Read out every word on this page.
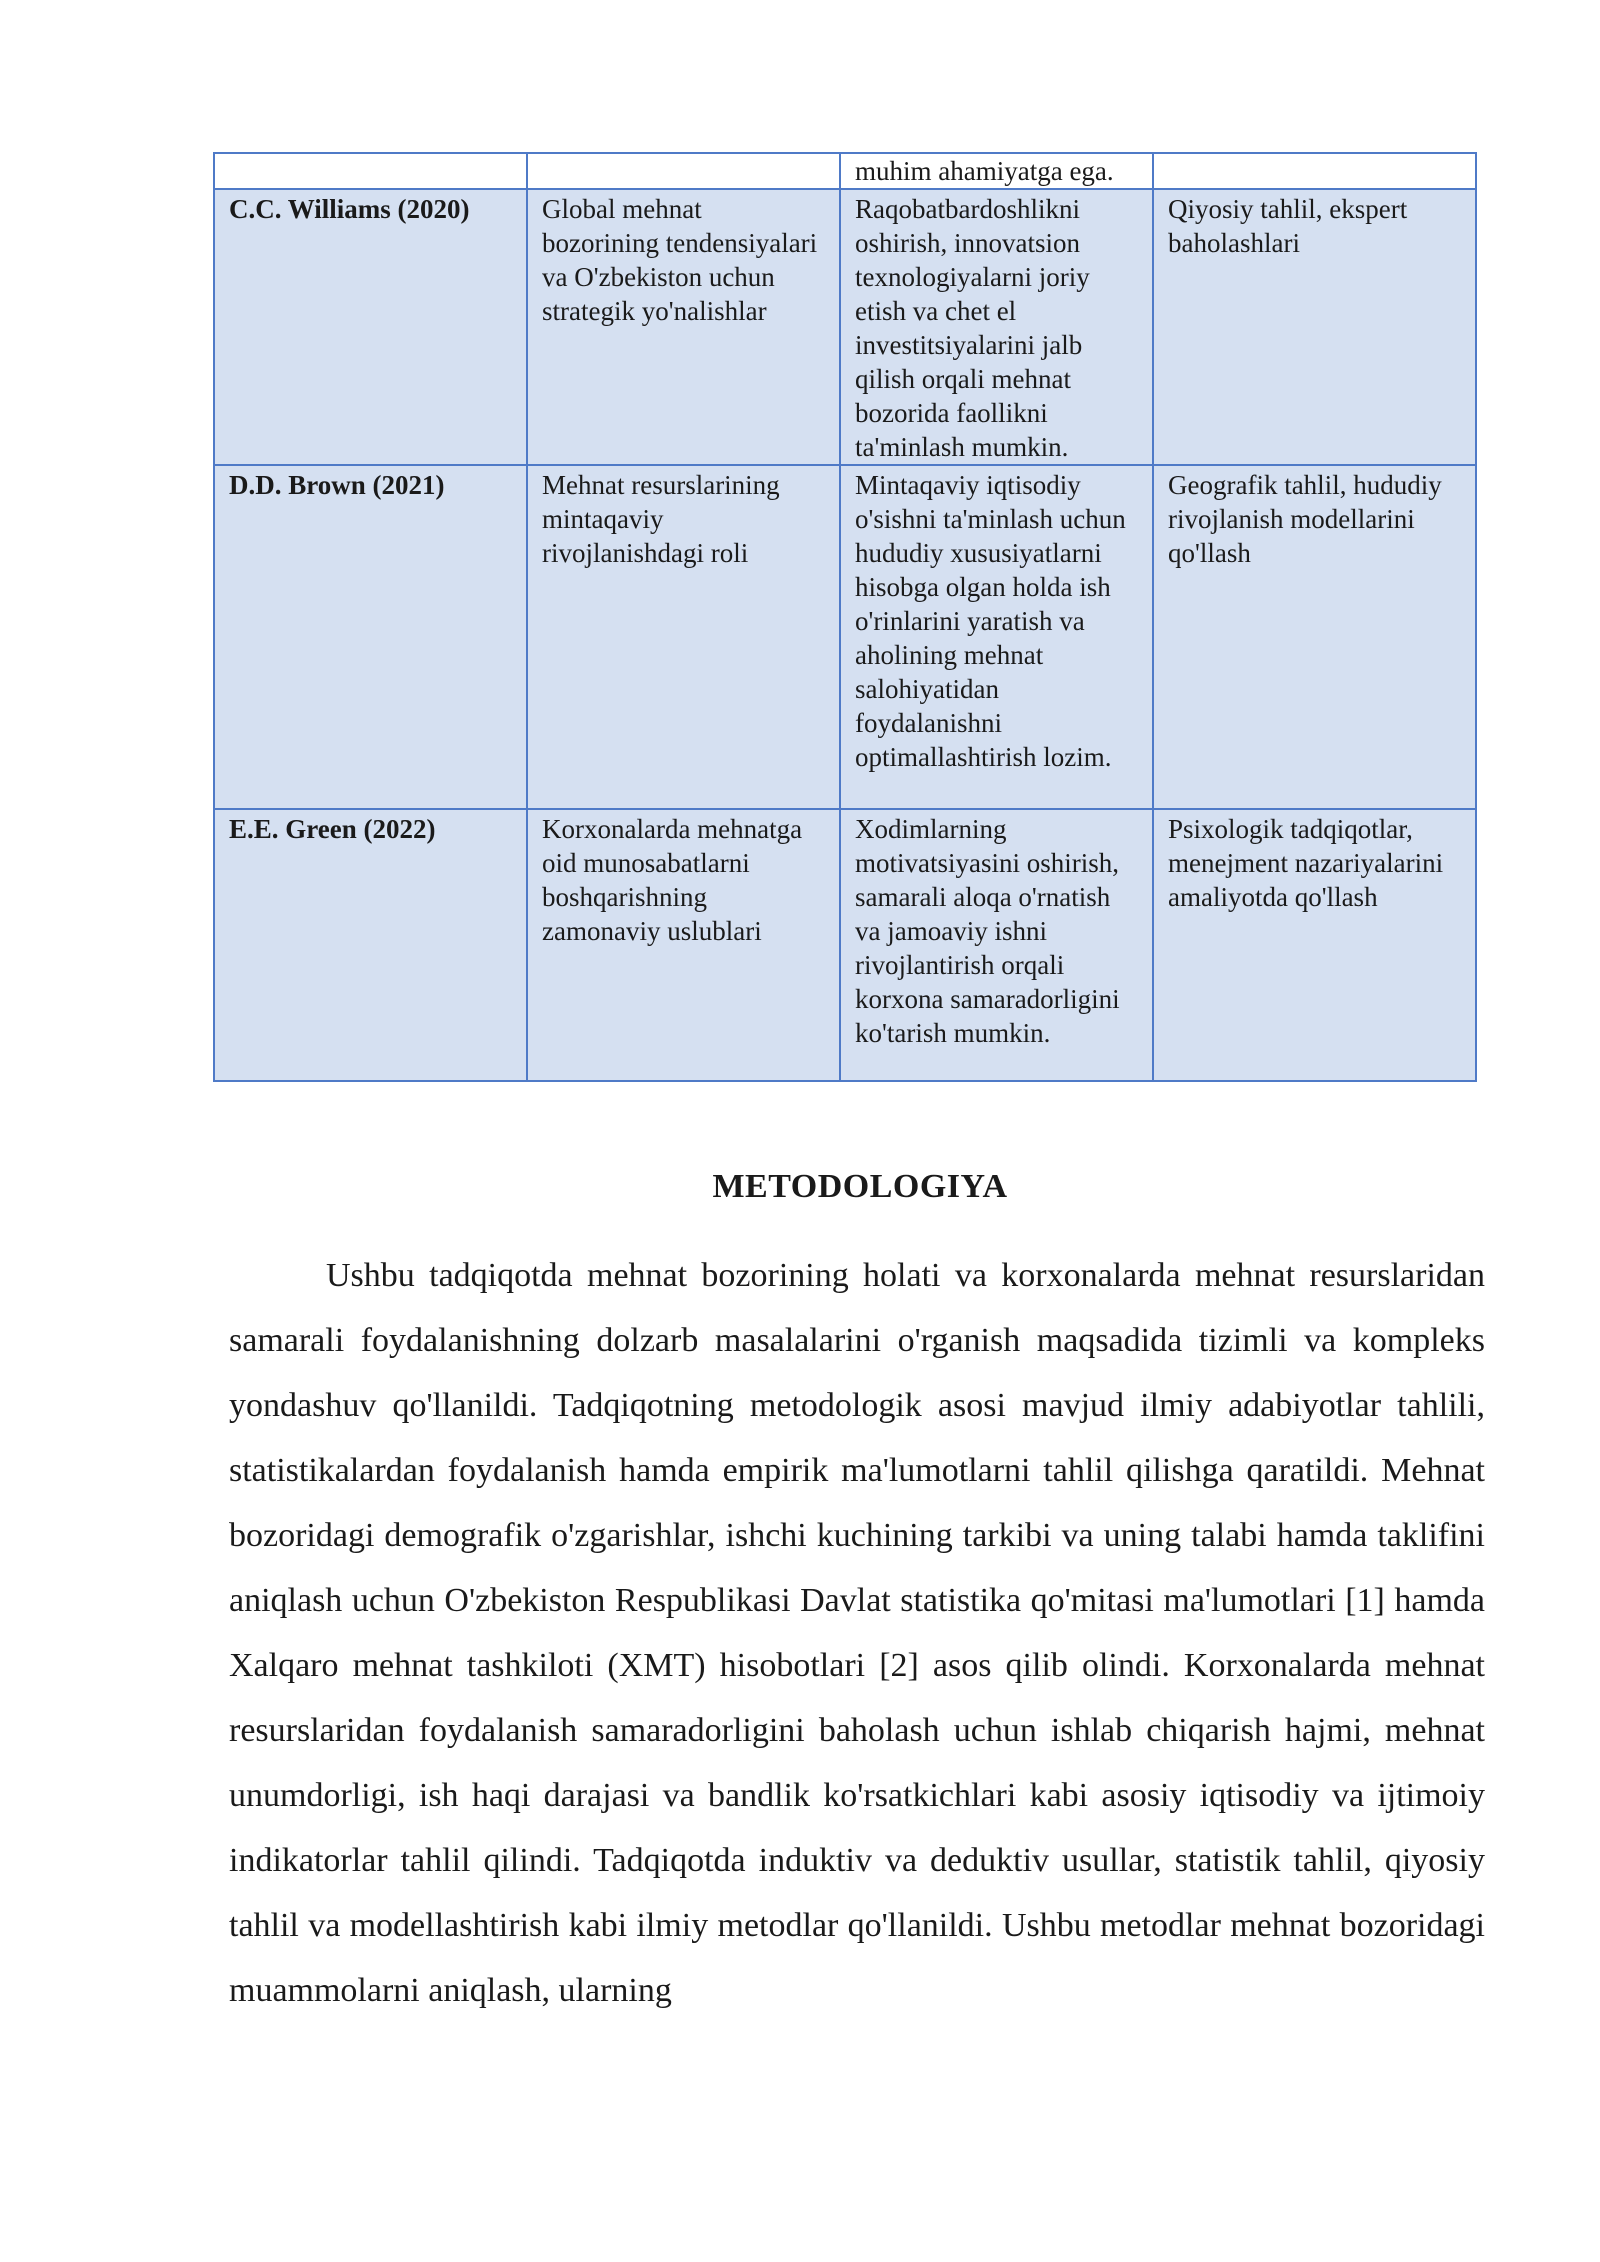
		muhim ahamiyatga ega.	
C.C. Williams (2020)	Global mehnat bozorining tendensiyalari va O'zbekiston uchun strategik yo'nalishlar	Raqobatbardoshlikni oshirish, innovatsion texnologiyalarni joriy etish va chet el investitsiyalarini jalb qilish orqali mehnat bozorida faollikni ta'minlash mumkin.	Qiyosiy tahlil, ekspert baholashlari
D.D. Brown (2021)	Mehnat resurslarining mintaqaviy rivojlanishdagi roli	Mintaqaviy iqtisodiy o'sishni ta'minlash uchun hududiy xususiyatlarni hisobga olgan holda ish o'rinlarini yaratish va aholining mehnat salohiyatidan foydalanishni optimallashtirish lozim.	Geografik tahlil, hududiy rivojlanish modellarini qo'llash
E.E. Green (2022)	Korxonalarda mehnatga oid munosabatlarni boshqarishning zamonaviy uslublari	Xodimlarning motivatsiyasini oshirish, samarali aloqa o'rnatish va jamoaviy ishni rivojlantirish orqali korxona samaradorligini ko'tarish mumkin.	Psixologik tadqiqotlar, menejment nazariyalarini amaliyotda qo'llash
METODOLOGIYA

Ushbu tadqiqotda mehnat bozorining holati va korxonalarda mehnat resurslaridan samarali foydalanishning dolzarb masalalarini o'rganish maqsadida tizimli va kompleks yondashuv qo'llanildi. Tadqiqotning metodologik asosi mavjud ilmiy adabiyotlar tahlili, statistikalardan foydalanish hamda empirik ma'lumotlarni tahlil qilishga qaratildi. Mehnat bozoridagi demografik o'zgarishlar, ishchi kuchining tarkibi va uning talabi hamda taklifini aniqlash uchun O'zbekiston Respublikasi Davlat statistika qo'mitasi ma'lumotlari [1] hamda Xalqaro mehnat tashkiloti (XMT) hisobotlari [2] asos qilib olindi. Korxonalarda mehnat resurslaridan foydalanish samaradorligini baholash uchun ishlab chiqarish hajmi, mehnat unumdorligi, ish haqi darajasi va bandlik ko'rsatkichlari kabi asosiy iqtisodiy va ijtimoiy indikatorlar tahlil qilindi. Tadqiqotda induktiv va deduktiv usullar, statistik tahlil, qiyosiy tahlil va modellashtirish kabi ilmiy metodlar qo'llanildi. Ushbu metodlar mehnat bozoridagi muammolarni aniqlash, ularning
